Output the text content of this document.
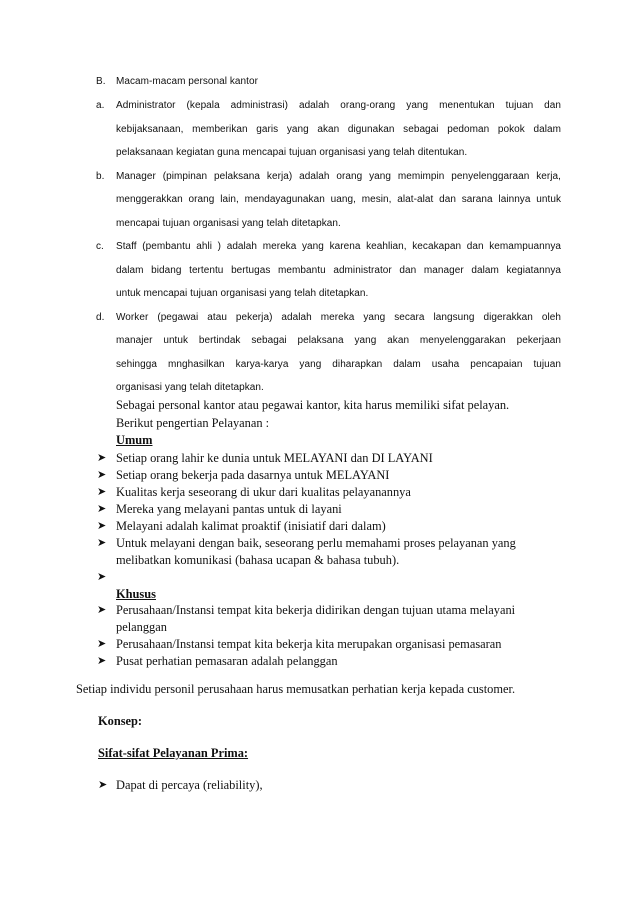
B. Macam-macam personal kantor
a. Administrator (kepala administrasi) adalah orang-orang yang menentukan tujuan dan
kebijaksanaan, memberikan garis yang akan digunakan sebagai pedoman pokok dalam
pelaksanaan kegiatan guna mencapai tujuan organisasi yang telah ditentukan.
b. Manager (pimpinan pelaksana kerja) adalah orang yang memimpin penyelenggaraan kerja,
menggerakkan orang lain, mendayagunakan uang, mesin, alat-alat dan sarana lainnya untuk
mencapai tujuan organisasi yang telah ditetapkan.
c. Staff (pembantu ahli ) adalah mereka yang karena keahlian, kecakapan dan kemampuannya
dalam bidang tertentu bertugas membantu administrator dan manager dalam kegiatannya
untuk mencapai tujuan organisasi yang telah ditetapkan.
d. Worker (pegawai atau pekerja) adalah mereka yang secara langsung digerakkan oleh
manajer untuk bertindak sebagai pelaksana yang akan menyelenggarakan pekerjaan
sehingga mnghasilkan karya-karya yang diharapkan dalam usaha pencapaian tujuan
organisasi yang telah ditetapkan.
Sebagai personal kantor atau pegawai kantor, kita harus memiliki sifat pelayan.
Berikut pengertian Pelayanan :
Umum
➤ Setiap orang lahir ke dunia untuk MELAYANI dan DI LAYANI
➤ Setiap orang bekerja pada dasarnya untuk MELAYANI
➤ Kualitas kerja seseorang di ukur dari kualitas pelayanannya
➤ Mereka yang melayani pantas untuk di layani
➤ Melayani adalah kalimat proaktif (inisiatif dari dalam)
➤ Untuk melayani dengan baik, seseorang perlu memahami proses pelayanan yang
melibatkan komunikasi (bahasa ucapan & bahasa tubuh).
➤
Khusus
➤ Perusahaan/Instansi tempat kita bekerja didirikan dengan tujuan utama melayani
pelanggan
➤ Perusahaan/Instansi tempat kita bekerja kita merupakan organisasi pemasaran
➤ Pusat perhatian pemasaran adalah pelanggan
Setiap individu personil perusahaan harus memusatkan perhatian kerja kepada customer.
Konsep:
Sifat-sifat Pelayanan Prima:
➤ Dapat di percaya (reliability),
